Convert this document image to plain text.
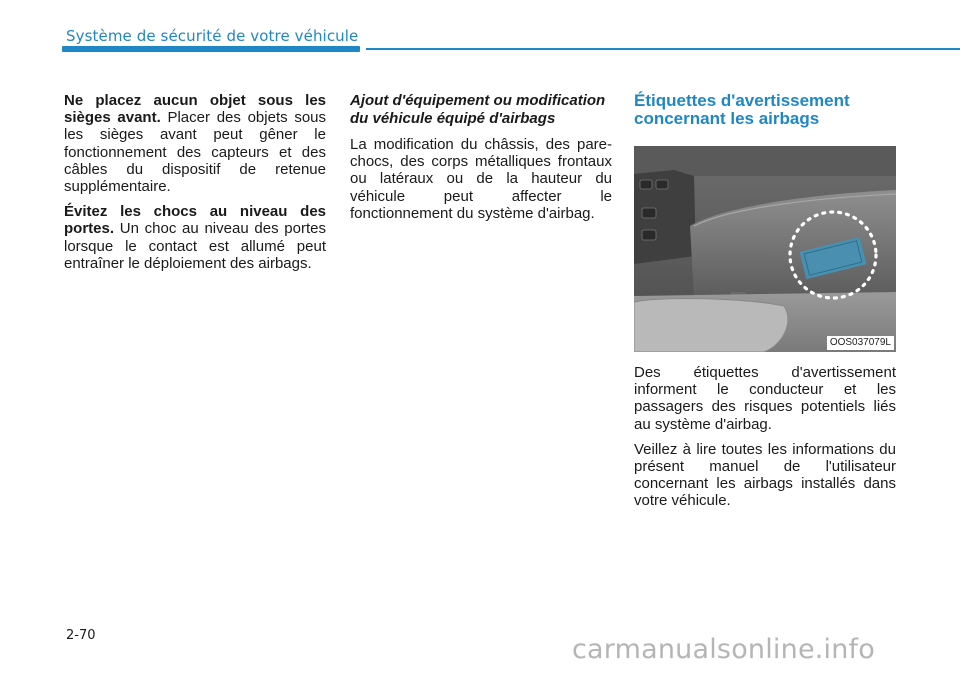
Système de sécurité de votre véhicule

Ne placez aucun objet sous les sièges avant. Placer des objets sous les sièges avant peut gêner le fonctionnement des capteurs et des câbles du dispositif de retenue supplémentaire.

Évitez les chocs au niveau des portes. Un choc au niveau des portes lorsque le contact est allumé peut entraîner le déploiement des airbags.

Ajout d'équipement ou modification du véhicule équipé d'airbags

La modification du châssis, des pare-chocs, des corps métalliques frontaux ou latéraux ou de la hauteur du véhicule peut affecter le fonctionnement du système d'airbag.

Étiquettes d'avertissement concernant les airbags
OOS037079L

Des étiquettes d'avertissement informent le conducteur et les passagers des risques potentiels liés au système d'airbag.

Veillez à lire toutes les informations du présent manuel de l'utilisateur concernant les airbags installés dans votre véhicule.

2-70	carmanualsonline.info
